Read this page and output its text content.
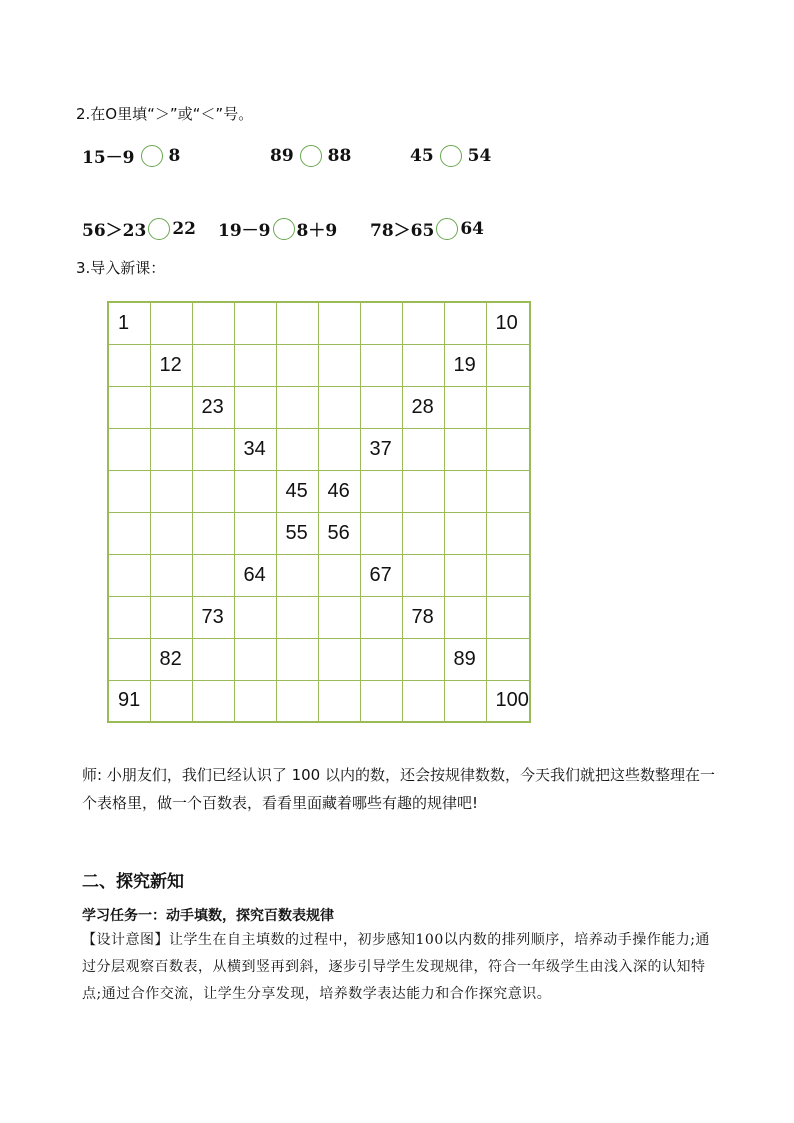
2.在O里填“＞”或“＜”号。
15－9 8	89 88	45 54
56＞23 22 19－9 8＋9 78＞65 64
3.导入新课：
1									10
	12							19	
		23					28		
			34			37			
				45	46				
				55	56				
			64			67			
		73					78		
	82							89	
91									100
师: 小朋友们，我们已经认识了 100 以内的数，还会按规律数数，今天我们就把这些数整理在一个表格里，做一个百数表，看看里面藏着哪些有趣的规律吧!
二、探究新知
学习任务一：动手填数，探究百数表规律
【设计意图】让学生在自主填数的过程中，初步感知100以内数的排列顺序，培养动手操作能力;通过分层观察百数表，从横到竖再到斜，逐步引导学生发现规律，符合一年级学生由浅入深的认知特点;通过合作交流，让学生分享发现，培养数学表达能力和合作探究意识。
